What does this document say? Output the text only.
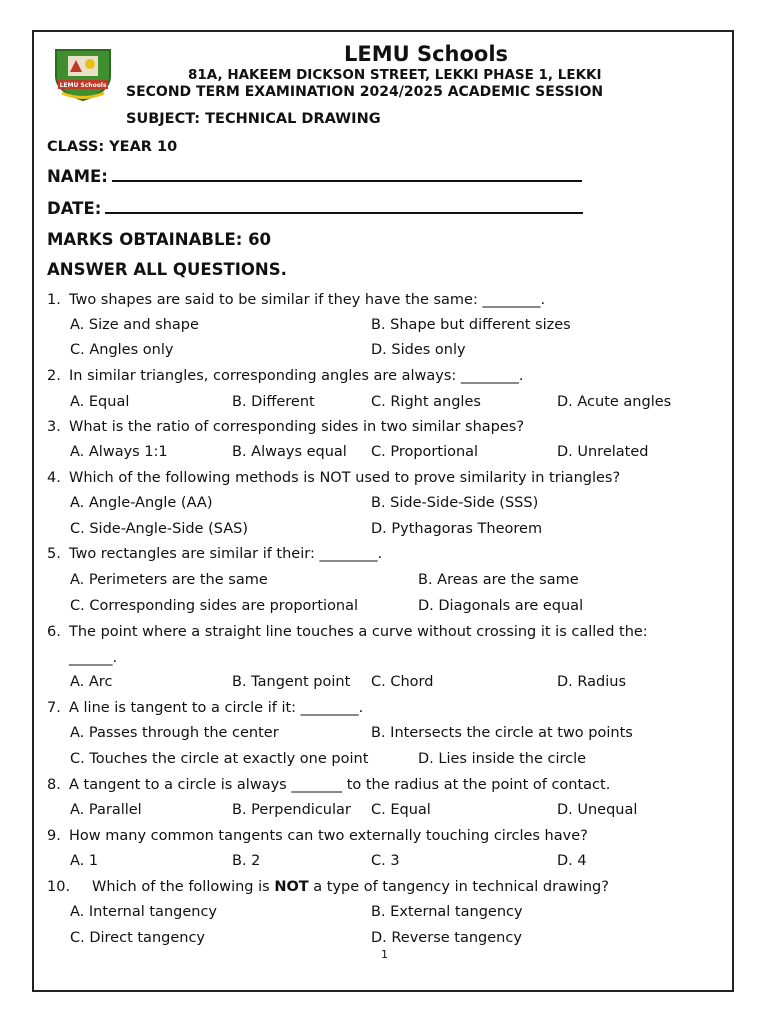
LEMU Schools
LEMU Schools
81A, HAKEEM DICKSON STREET, LEKKI PHASE 1, LEKKI
SECOND TERM EXAMINATION 2024/2025 ACADEMIC SESSION
SUBJECT: TECHNICAL DRAWING
CLASS: YEAR 10
NAME:
DATE:
MARKS OBTAINABLE: 60
ANSWER ALL QUESTIONS.
1. Two shapes are said to be similar if they have the same: ________.
A. Size and shape	B. Shape but different sizes
C. Angles only	D. Sides only
2. In similar triangles, corresponding angles are always: ________.
A. Equal	B. Different	C. Right angles	D. Acute angles
3. What is the ratio of corresponding sides in two similar shapes?
A. Always 1:1	B. Always equal C. Proportional	D. Unrelated
4. Which of the following methods is NOT used to prove similarity in triangles?
A. Angle-Angle (AA)	B. Side-Side-Side (SSS)
C. Side-Angle-Side (SAS)	D. Pythagoras Theorem
5. Two rectangles are similar if their: ________.
A. Perimeters are the same	B. Areas are the same
C. Corresponding sides are proportional	D. Diagonals are equal
6. The point where a straight line touches a curve without crossing it is called the:
______.
A. Arc	B. Tangent point C. Chord	D. Radius
7. A line is tangent to a circle if it: ________.
A. Passes through the center	B. Intersects the circle at two points
C. Touches the circle at exactly one point	D. Lies inside the circle
8. A tangent to a circle is always _______ to the radius at the point of contact.
A. Parallel	B. Perpendicular C. Equal	D. Unequal
9. How many common tangents can two externally touching circles have?
A. 1	B. 2	C. 3	D. 4
10. Which of the following is NOT a type of tangency in technical drawing?
A. Internal tangency	B. External tangency
C. Direct tangency	D. Reverse tangency
1
